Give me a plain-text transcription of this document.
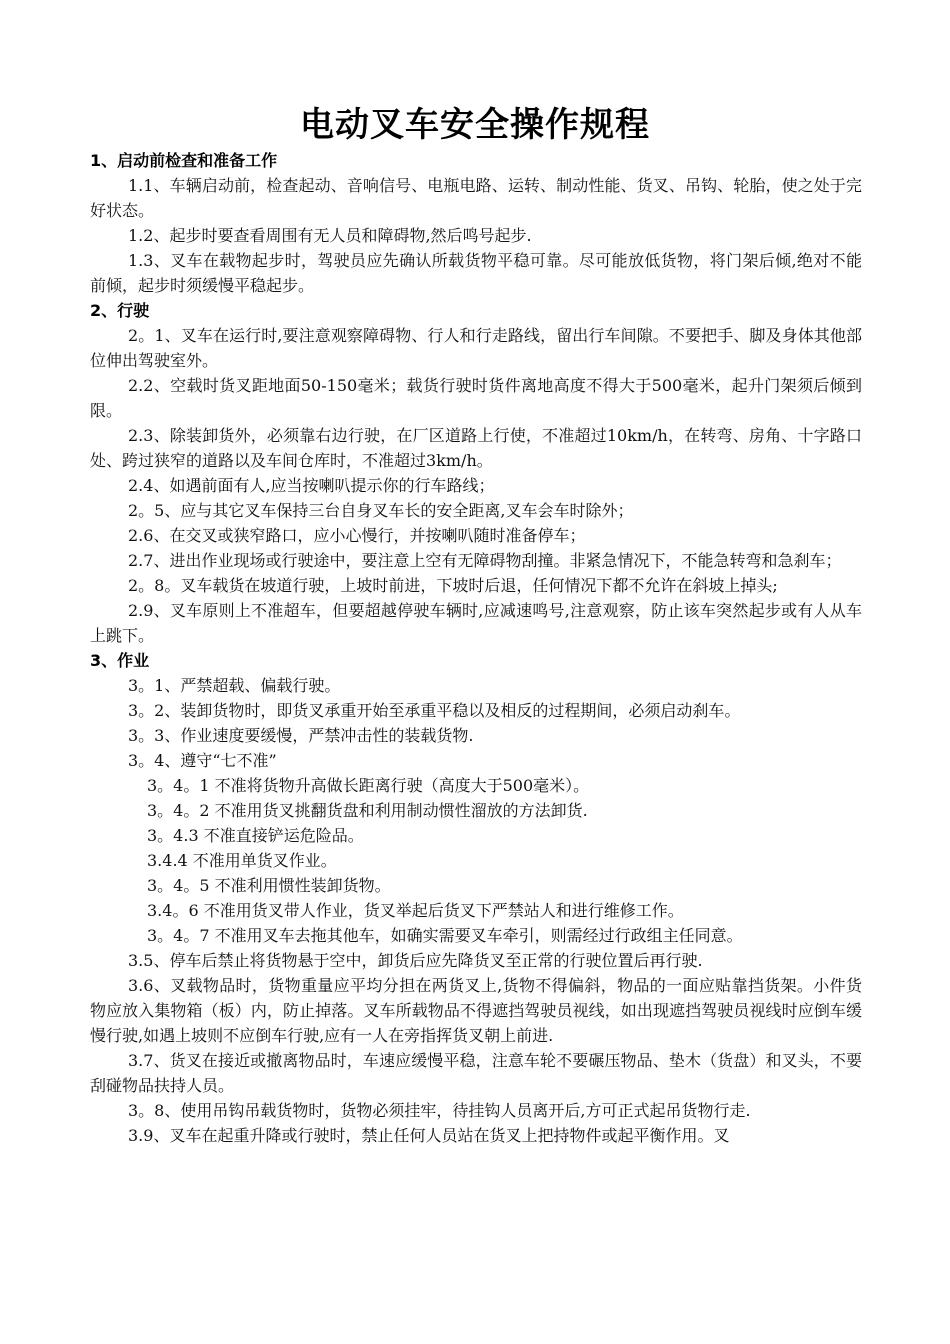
电动叉车安全操作规程

1、启动前检查和准备工作

1.1、车辆启动前，检查起动、音响信号、电瓶电路、运转、制动性能、货叉、吊钩、轮胎，使之处于完好状态。

1.2、起步时要查看周围有无人员和障碍物,然后鸣号起步.

1.3、叉车在载物起步时，驾驶员应先确认所载货物平稳可靠。尽可能放低货物，将门架后倾,绝对不能前倾，起步时须缓慢平稳起步。

2、行驶

2。1、叉车在运行时,要注意观察障碍物、行人和行走路线，留出行车间隙。不要把手、脚及身体其他部位伸出驾驶室外。

2.2、空载时货叉距地面50-150毫米；载货行驶时货件离地高度不得大于500毫米，起升门架须后倾到限。

2.3、除装卸货外，必须靠右边行驶，在厂区道路上行使，不准超过10km/h，在转弯、房角、十字路口处、跨过狭窄的道路以及车间仓库时，不准超过3km/h。

2.4、如遇前面有人,应当按喇叭提示你的行车路线；

2。5、应与其它叉车保持三台自身叉车长的安全距离,叉车会车时除外；

2.6、在交叉或狭窄路口，应小心慢行，并按喇叭随时准备停车；

2.7、进出作业现场或行驶途中，要注意上空有无障碍物刮撞。非紧急情况下，不能急转弯和急刹车；

2。8。叉车载货在坡道行驶，上坡时前进，下坡时后退，任何情况下都不允许在斜坡上掉头;

2.9、叉车原则上不准超车，但要超越停驶车辆时,应减速鸣号,注意观察，防止该车突然起步或有人从车上跳下。

3、作业

3。1、严禁超载、偏载行驶。

3。2、装卸货物时，即货叉承重开始至承重平稳以及相反的过程期间，必须启动刹车。

3。3、作业速度要缓慢，严禁冲击性的装载货物.

3。4、遵守“七不准”

3。4。1 不准将货物升高做长距离行驶（高度大于500毫米）。

3。4。2 不准用货叉挑翻货盘和利用制动惯性溜放的方法卸货.

3。4.3 不准直接铲运危险品。

3.4.4 不准用单货叉作业。

3。4。5 不准利用惯性装卸货物。

3.4。6 不准用货叉带人作业，货叉举起后货叉下严禁站人和进行维修工作。

3。4。7 不准用叉车去拖其他车，如确实需要叉车牵引，则需经过行政组主任同意。

3.5、停车后禁止将货物悬于空中，卸货后应先降货叉至正常的行驶位置后再行驶.

3.6、叉载物品时，货物重量应平均分担在两货叉上,货物不得偏斜，物品的一面应贴靠挡货架。小件货物应放入集物箱（板）内，防止掉落。叉车所载物品不得遮挡驾驶员视线，如出现遮挡驾驶员视线时应倒车缓慢行驶,如遇上坡则不应倒车行驶,应有一人在旁指挥货叉朝上前进.

3.7、货叉在接近或撤离物品时，车速应缓慢平稳，注意车轮不要碾压物品、垫木（货盘）和叉头，不要刮碰物品扶持人员。

3。8、使用吊钩吊载货物时，货物必须挂牢，待挂钩人员离开后,方可正式起吊货物行走.

3.9、叉车在起重升降或行驶时，禁止任何人员站在货叉上把持物件或起平衡作用。叉
